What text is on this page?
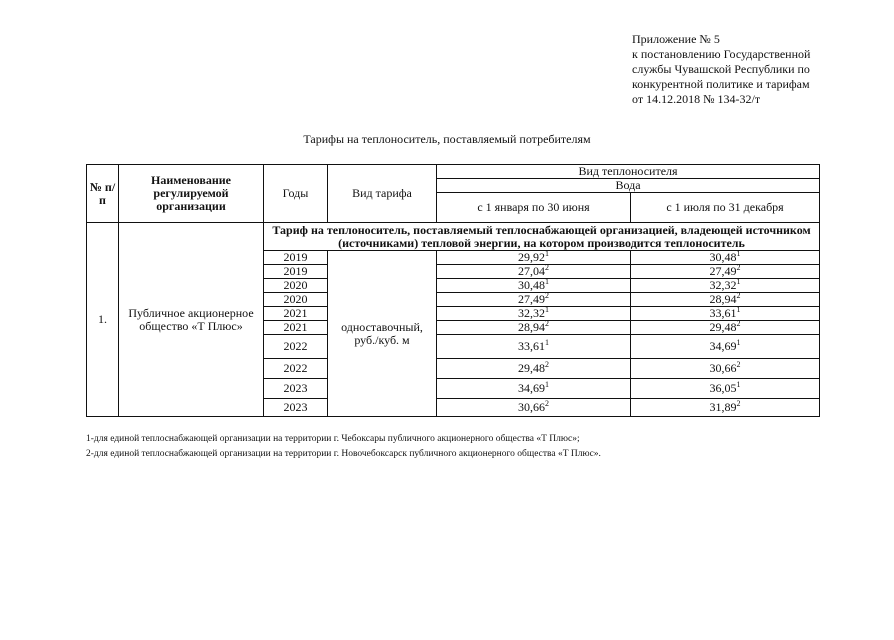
Приложение № 5
к постановлению Государственной
службы Чувашской Республики по
конкурентной политике и тарифам
от 14.12.2018 № 134-32/т
Тарифы на теплоноситель, поставляемый потребителям
№ п/п	Наименование регулируемой организации	Годы	Вид тарифа	Вид теплоносителя	
				Вода	
				с 1 января по 30 июня	с 1 июля по 31 декабря
1.	Публичное акционерное общество «Т Плюс»	Тариф на теплоноситель, поставляемый теплоснабжающей организацией, владеющей источником (источниками) тепловой энергии, на котором производится теплоноситель			
		2019	одноставочный, руб./куб. м	29,92$^1$	30,48$^1$
		2019		27,04$^2$	27,49$^2$
		2020		30,48$^1$	32,32$^1$
		2020		27,49$^2$	28,94$^2$
		2021		32,32$^1$	33,61$^1$
		2021		28,94$^2$	29,48$^2$
		2022		33,61$^1$	34,69$^1$
		2022		29,48$^2$	30,66$^2$
		2023		34,69$^1$	36,05$^1$
		2023		30,66$^2$	31,89$^2$
1-для единой теплоснабжающей организации на территории г. Чебоксары публичного акционерного общества «Т Плюс»;
2-для единой теплоснабжающей организации на территории г. Новочебоксарск публичного акционерного общества «Т Плюс».
